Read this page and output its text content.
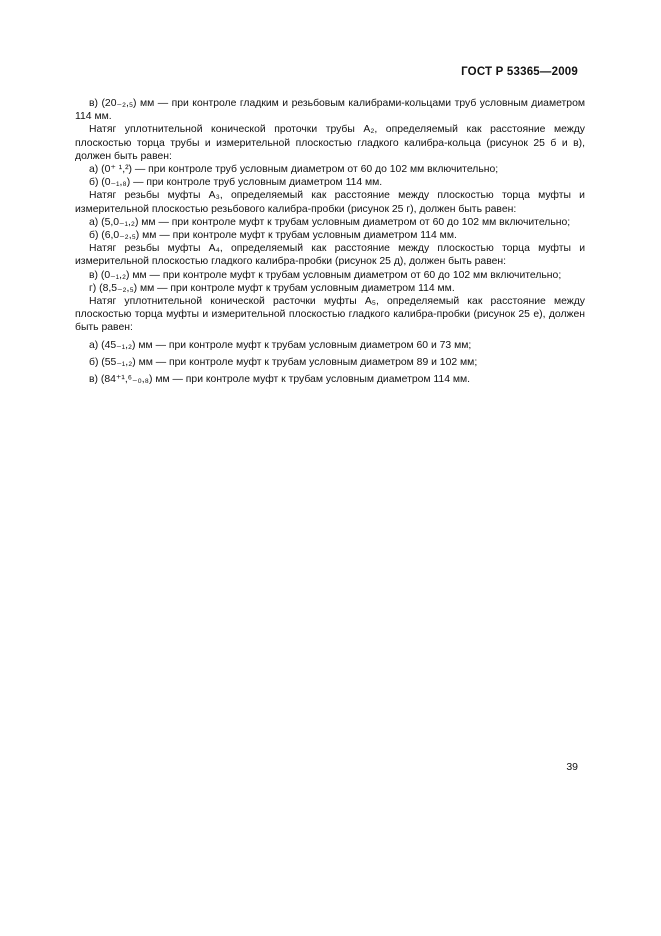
ГОСТ Р 53365—2009

в) (20₋₂,₅) мм — при контроле гладким и резьбовым калибрами-кольцами труб условным диаметром 114 мм.

Натяг уплотнительной конической проточки трубы A₂, определяемый как расстояние между плоскостью торца трубы и измерительной плоскостью гладкого калибра-кольца (рисунок 25 б и в), должен быть равен:

а) (0⁺ ¹,²) — при контроле труб условным диаметром от 60 до 102 мм включительно;

б) (0₋₁,₈) — при контроле труб условным диаметром 114 мм.

Натяг резьбы муфты A₃, определяемый как расстояние между плоскостью торца муфты и измерительной плоскостью резьбового калибра-пробки (рисунок 25 г), должен быть равен:

а) (5,0₋₁,₂) мм — при контроле муфт к трубам условным диаметром от 60 до 102 мм включительно;

б) (6,0₋₂,₅) мм — при контроле муфт к трубам условным диаметром 114 мм.

Натяг резьбы муфты A₄, определяемый как расстояние между плоскостью торца муфты и измерительной плоскостью гладкого калибра-пробки (рисунок 25 д), должен быть равен:

в) (0₋₁,₂) мм — при контроле муфт к трубам условным диаметром от 60 до 102 мм включительно;

г) (8,5₋₂,₅) мм — при контроле муфт к трубам условным диаметром 114 мм.

Натяг уплотнительной конической расточки муфты A₅, определяемый как расстояние между плоскостью торца муфты и измерительной плоскостью гладкого калибра-пробки (рисунок 25 е), должен быть равен:

а) (45₋₁,₂) мм — при контроле муфт к трубам условным диаметром 60 и 73 мм;

б) (55₋₁,₂) мм — при контроле муфт к трубам условным диаметром 89 и 102 мм;

в) (84⁺¹,⁶₋₀,₈) мм — при контроле муфт к трубам условным диаметром 114 мм.

39
